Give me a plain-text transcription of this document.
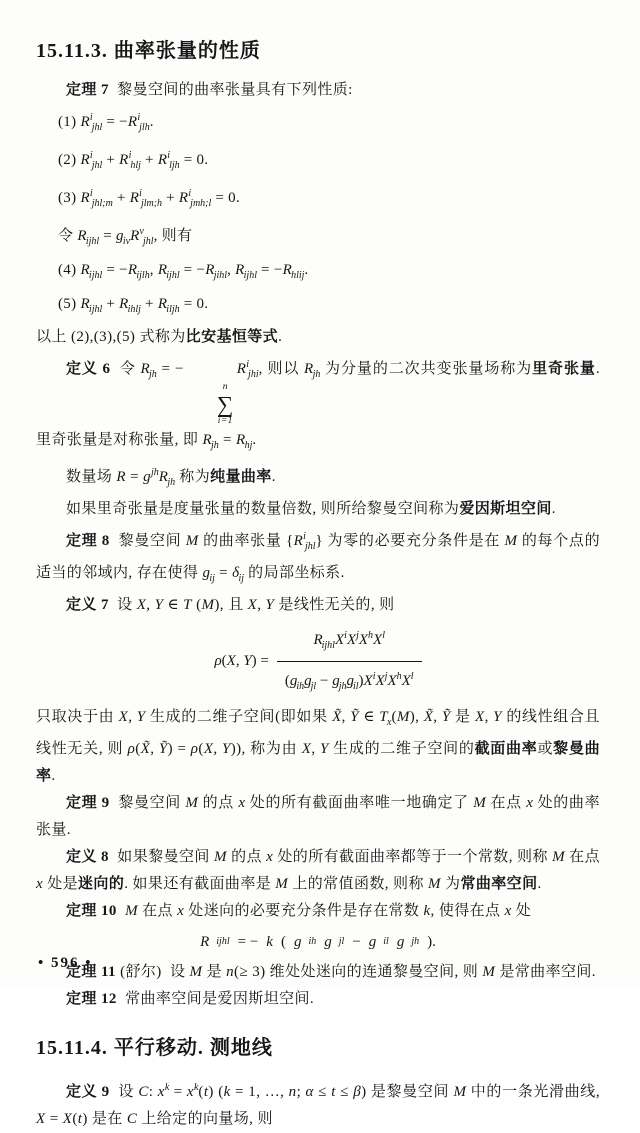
15.11.3. 曲率张量的性质

定理 7  黎曼空间的曲率张量具有下列性质:

(1) $R^i_{jhl} = -R^i_{jlh}$.
(2) $R^i_{jhl} + R^i_{hlj} + R^i_{ljh} = 0$.
(3) $R^i_{jhl;m} + R^i_{jlm;h} + R^i_{jmh;l} = 0$.
令 $R_{ijhl} = g_{i\nu}R^\nu_{jhl}$, 则有
(4) $R_{ijhl} = -R_{ijlh}$, $R_{ijhl} = -R_{jihl}$, $R_{ijhl} = -R_{hlij}$.
(5) $R_{ijhl} + R_{ihlj} + R_{iljh} = 0$.

以上 (2),(3),(5) 式称为比安基恒等式.

定义 6  令 $R_{jh}$ = −
n
∑
i=1
$R^i_{jhi}$, 则以 $R_{jh}$ 为分量的二次共变张量场称为里奇张量. 里奇张量是对称张量, 即 $R_{jh} = R_{hj}$.

数量场 $R = g^{jh}R_{jh}$ 称为纯量曲率.

如果里奇张量是度量张量的数量倍数, 则所给黎曼空间称为爱因斯坦空间.

定理 8  黎曼空间 M 的曲率张量 $\{R^i_{jhl}\}$ 为零的必要充分条件是在 M 的每个点的适当的邻域内, 存在使得 $g_{ij} = \delta_{ij}$ 的局部坐标系.

定义 7  设 X, Y ∈ T (M), 且 X, Y 是线性无关的, 则

ρ(X, $Y) = \frac{R_{ijhl}X^iX^jX^hX^l}{(g_{ih}g_{jl} - g_{jh}g_{il})X^iX^jX^hX^l}$

只取决于由 X, Y 生成的二维子空间(即如果 X̃, Ỹ ∈ $T_x(M)$, X̃, Ỹ 是 X, Y 的线性组合且线性无关, 则 ρ(X̃, Ỹ) = ρ(X, Y)), 称为由 X, Y 生成的二维子空间的截面曲率或黎曼曲率.

定理 9  黎曼空间 M 的点 x 处的所有截面曲率唯一地确定了 M 在点 x 处的曲率张量.

定义 8  如果黎曼空间 M 的点 x 处的所有截面曲率都等于一个常数, 则称 M 在点 x 处是迷向的. 如果还有截面曲率是 M 上的常值函数, 则称 M 为常曲率空间.

定理 10 M 在点 x 处迷向的必要充分条件是存在常数 k, 使得在点 x 处

R ijhl = − k ( g ih g jl − g il g jh ).

定理 11 (舒尔)  设 M 是 n(≥ 3) 维处处迷向的连通黎曼空间, 则 M 是常曲率空间.

定理 12  常曲率空间是爱因斯坦空间.

15.11.4. 平行移动. 测地线

定义 9  设 C: $x^k = x^k(t) (k = 1$, …, n; α ≤ t ≤ β) 是黎曼空间 M 中的一条光滑曲线, X = X(t) 是在 C 上给定的向量场, 则

• 596 •
